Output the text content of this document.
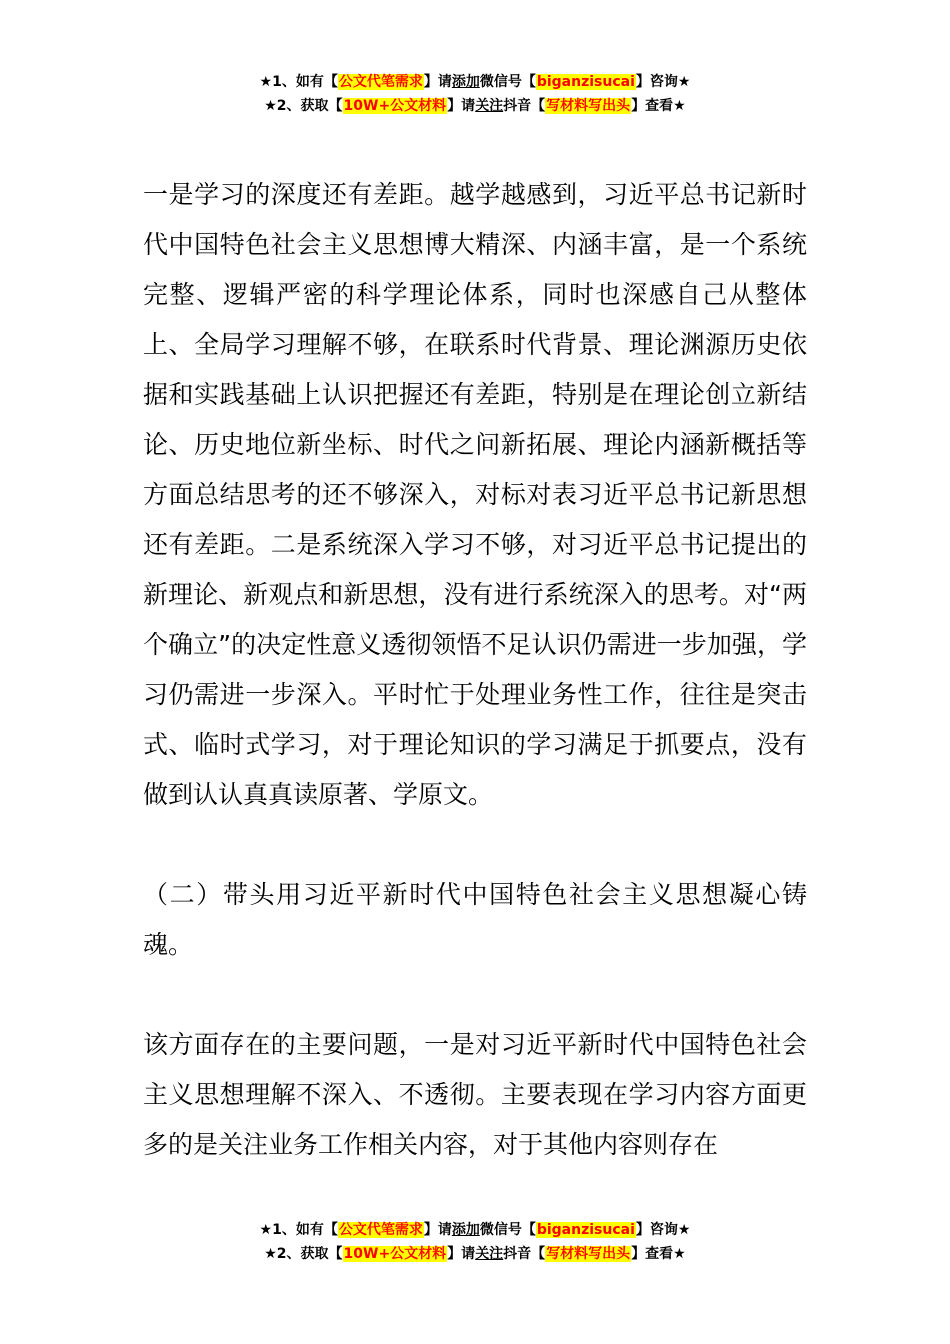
★1、如有【公文代笔需求】请添加微信号【biganzisucai】咨询★
★2、获取【10W+公文材料】请关注抖音【写材料写出头】查看★

一是学习的深度还有差距。越学越感到，习近平总书记新时代中国特色社会主义思想博大精深、内涵丰富，是一个系统完整、逻辑严密的科学理论体系，同时也深感自己从整体上、全局学习理解不够，在联系时代背景、理论渊源历史依据和实践基础上认识把握还有差距，特别是在理论创立新结论、历史地位新坐标、时代之问新拓展、理论内涵新概括等方面总结思考的还不够深入，对标对表习近平总书记新思想还有差距。二是系统深入学习不够，对习近平总书记提出的新理论、新观点和新思想，没有进行系统深入的思考。对“两个确立”的决定性意义透彻领悟不足认识仍需进一步加强，学习仍需进一步深入。平时忙于处理业务性工作，往往是突击式、临时式学习，对于理论知识的学习满足于抓要点，没有做到认认真真读原著、学原文。

（二）带头用习近平新时代中国特色社会主义思想凝心铸魂。

该方面存在的主要问题，一是对习近平新时代中国特色社会主义思想理解不深入、不透彻。主要表现在学习内容方面更多的是关注业务工作相关内容，对于其他内容则存在

★1、如有【公文代笔需求】请添加微信号【biganzisucai】咨询★
★2、获取【10W+公文材料】请关注抖音【写材料写出头】查看★
